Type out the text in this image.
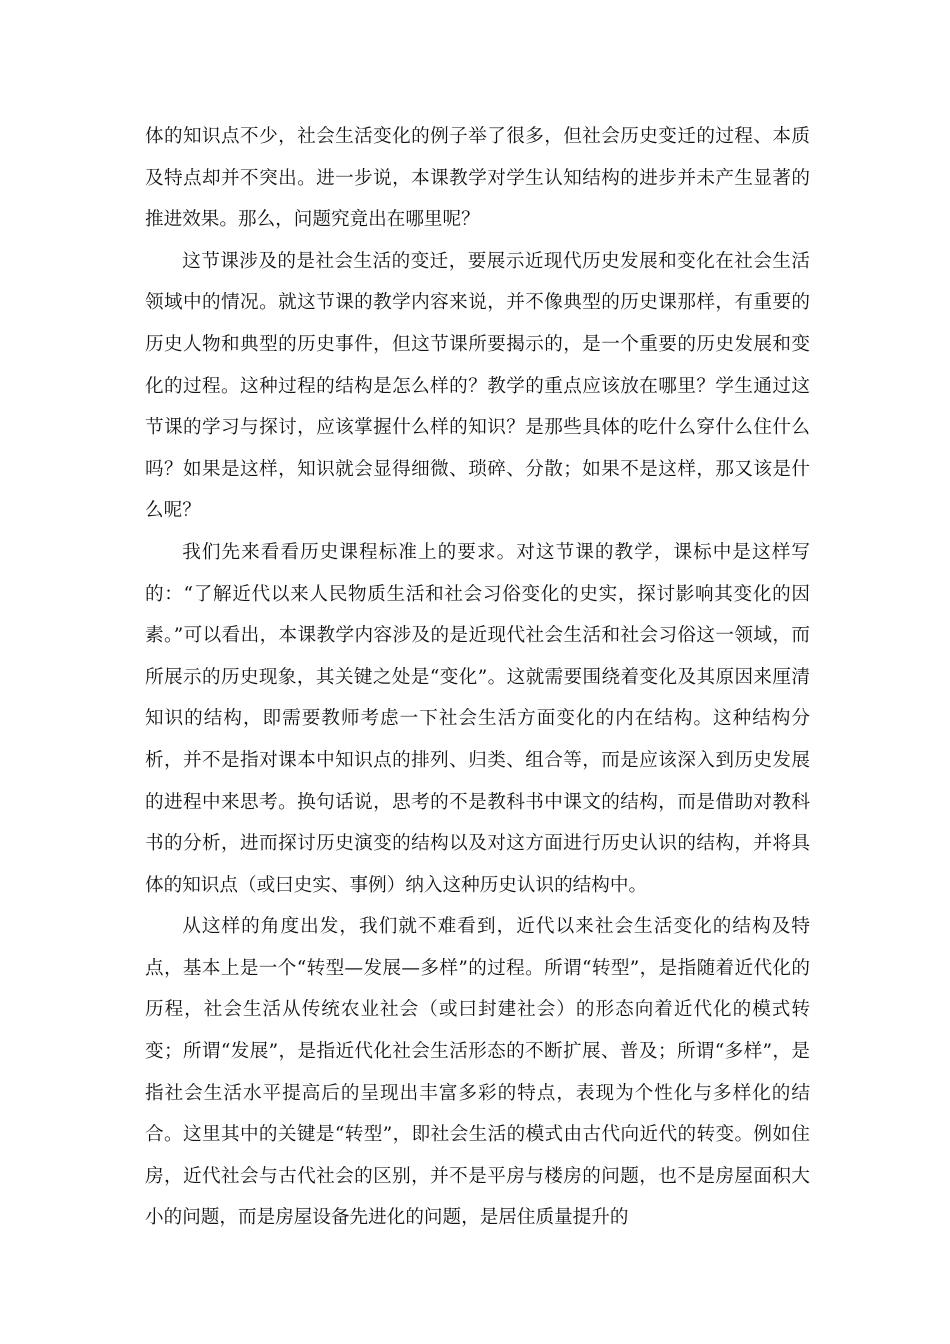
体的知识点不少，社会生活变化的例子举了很多，但社会历史变迁的过程、本质及特点却并不突出。进一步说，本课教学对学生认知结构的进步并未产生显著的推进效果。那么，问题究竟出在哪里呢？

这节课涉及的是社会生活的变迁，要展示近现代历史发展和变化在社会生活领域中的情况。就这节课的教学内容来说，并不像典型的历史课那样，有重要的历史人物和典型的历史事件，但这节课所要揭示的，是一个重要的历史发展和变化的过程。这种过程的结构是怎么样的？教学的重点应该放在哪里？学生通过这节课的学习与探讨，应该掌握什么样的知识？是那些具体的吃什么穿什么住什么吗？如果是这样，知识就会显得细微、琐碎、分散；如果不是这样，那又该是什么呢？

我们先来看看历史课程标准上的要求。对这节课的教学，课标中是这样写的：“了解近代以来人民物质生活和社会习俗变化的史实，探讨影响其变化的因素。”可以看出，本课教学内容涉及的是近现代社会生活和社会习俗这一领域，而所展示的历史现象，其关键之处是“变化”。这就需要围绕着变化及其原因来厘清知识的结构，即需要教师考虑一下社会生活方面变化的内在结构。这种结构分析，并不是指对课本中知识点的排列、归类、组合等，而是应该深入到历史发展的进程中来思考。换句话说，思考的不是教科书中课文的结构，而是借助对教科书的分析，进而探讨历史演变的结构以及对这方面进行历史认识的结构，并将具体的知识点（或曰史实、事例）纳入这种历史认识的结构中。

从这样的角度出发，我们就不难看到，近代以来社会生活变化的结构及特点，基本上是一个“转型—发展—多样”的过程。所谓“转型”，是指随着近代化的历程，社会生活从传统农业社会（或曰封建社会）的形态向着近代化的模式转变；所谓“发展”，是指近代化社会生活形态的不断扩展、普及；所谓“多样”，是指社会生活水平提高后的呈现出丰富多彩的特点，表现为个性化与多样化的结合。这里其中的关键是“转型”，即社会生活的模式由古代向近代的转变。例如住房，近代社会与古代社会的区别，并不是平房与楼房的问题，也不是房屋面积大小的问题，而是房屋设备先进化的问题，是居住质量提升的
